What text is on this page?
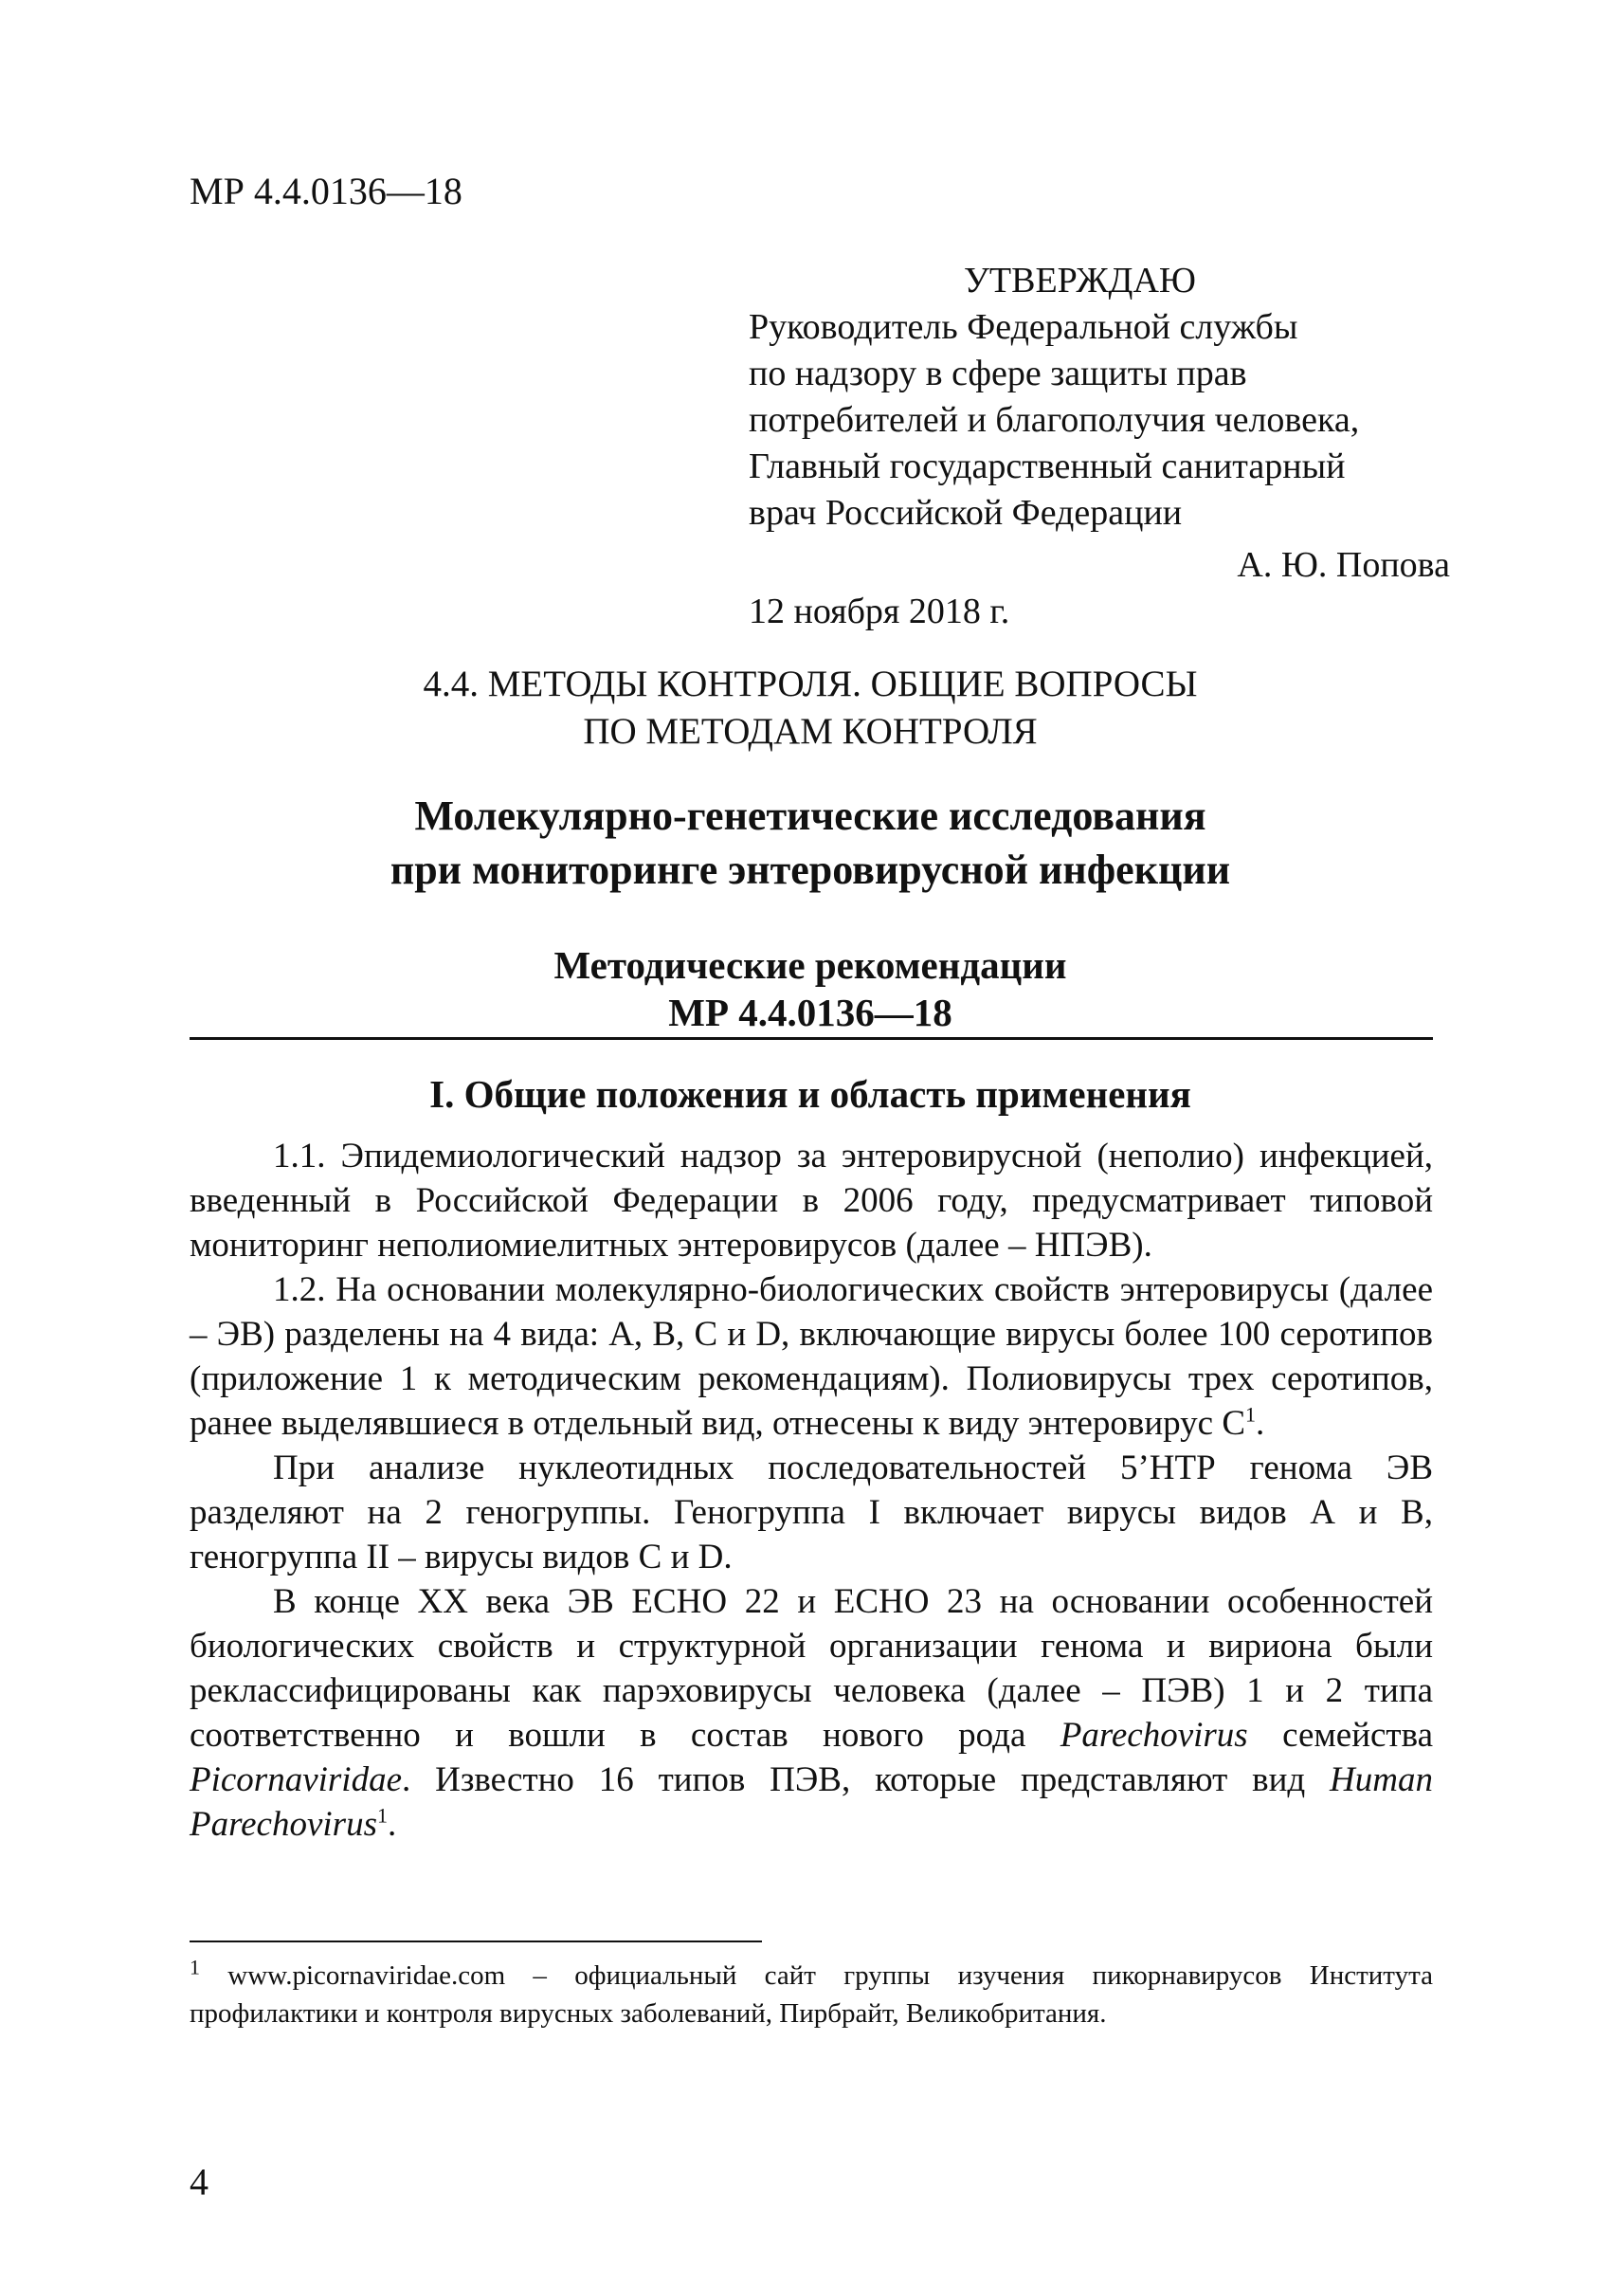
МР 4.4.0136—18
УТВЕРЖДАЮ
Руководитель Федеральной службы
по надзору в сфере защиты прав
потребителей и благополучия человека,
Главный государственный санитарный
врач Российской Федерации
А. Ю. Попова
12 ноября 2018 г.
4.4. МЕТОДЫ КОНТРОЛЯ. ОБЩИЕ ВОПРОСЫ
ПО МЕТОДАМ КОНТРОЛЯ
Молекулярно-генетические исследования
при мониторинге энтеровирусной инфекции
Методические рекомендации
МР 4.4.0136—18
I. Общие положения и область применения

1.1. Эпидемиологический надзор за энтеровирусной (неполио) инфекцией, введенный в Российской Федерации в 2006 году, предусматривает типовой мониторинг неполиомиелитных энтеровирусов (далее – НПЭВ).

1.2. На основании молекулярно-биологических свойств энтеровирусы (далее – ЭВ) разделены на 4 вида: А, В, С и D, включающие вирусы более 100 серотипов (приложение 1 к методическим рекомендациям). Полиовирусы трех серотипов, ранее выделявшиеся в отдельный вид, отнесены к виду энтеровирус $С^1$.

При анализе нуклеотидных последовательностей 5’НТР генома ЭВ разделяют на 2 геногруппы. Геногруппа I включает вирусы видов А и В, геногруппа II – вирусы видов С и D.

В конце ХХ века ЭВ ЕСНО 22 и ЕСНО 23 на основании особенностей биологических свойств и структурной организации генома и вириона были реклассифицированы как парэховирусы человека (далее – ПЭВ) 1 и 2 типа соответственно и вошли в состав нового рода Parechovirus семейства Picornaviridae. Известно 16 типов ПЭВ, которые представляют вид Human Parechovirus$^1$.

$^1$ www.picornaviridae.com – официальный сайт группы изучения пикорнавирусов Института профилактики и контроля вирусных заболеваний, Пирбрайт, Великобритания.
4
